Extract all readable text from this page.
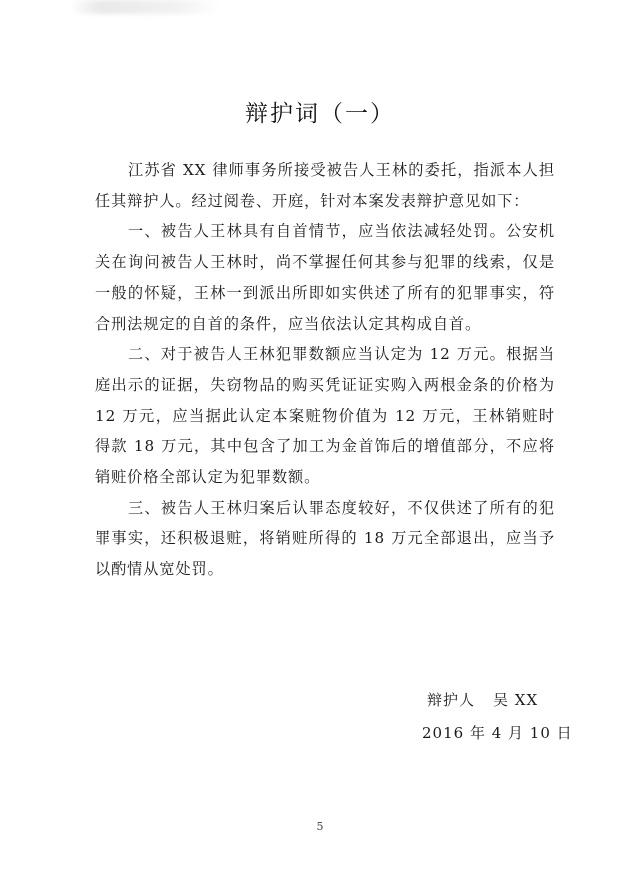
辩护词（一）

江苏省 XX 律师事务所接受被告人王林的委托，指派本人担任其辩护人。经过阅卷、开庭，针对本案发表辩护意见如下：

一、被告人王林具有自首情节，应当依法减轻处罚。公安机关在询问被告人王林时，尚不掌握任何其参与犯罪的线索，仅是一般的怀疑，王林一到派出所即如实供述了所有的犯罪事实，符合刑法规定的自首的条件，应当依法认定其构成自首。

二、对于被告人王林犯罪数额应当认定为 12 万元。根据当庭出示的证据，失窃物品的购买凭证证实购入两根金条的价格为 12 万元，应当据此认定本案赃物价值为 12 万元，王林销赃时得款 18 万元，其中包含了加工为金首饰后的增值部分，不应将销赃价格全部认定为犯罪数额。

三、被告人王林归案后认罪态度较好，不仅供述了所有的犯罪事实，还积极退赃，将销赃所得的 18 万元全部退出，应当予以酌情从宽处罚。

辩护人 吴 XX
2016 年 4 月 10 日
5
